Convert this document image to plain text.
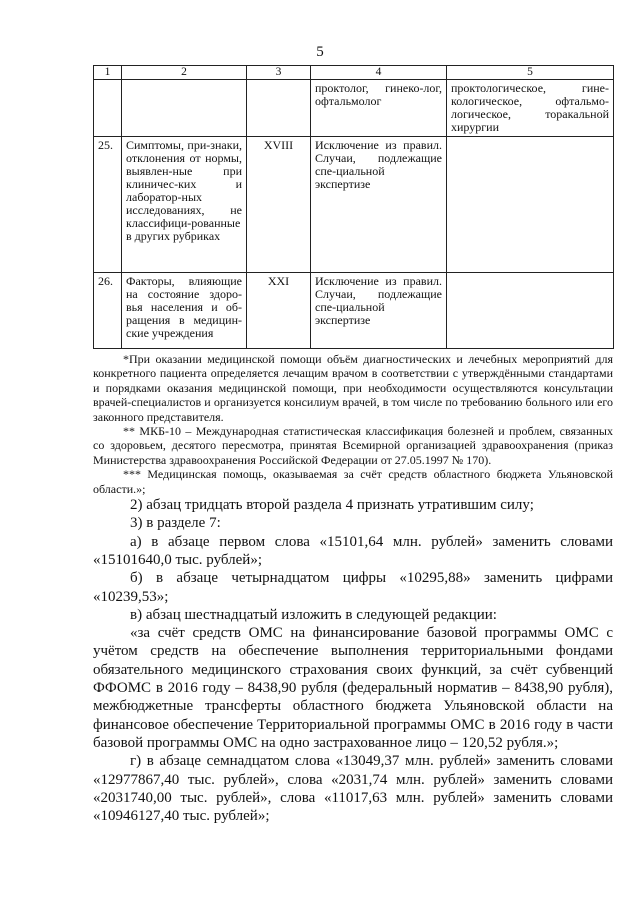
5
1	2	3	4	5
			проктолог, гинеко-лог, офтальмолог	проктологическое, гине-кологическое, офтальмо-логическое, торакальной хирургии
25.	Симптомы, при-знаки, отклонения от нормы, выявлен-ные при клиничес-ких и лаборатор-ных исследованиях, не классифици-рованные в других рубриках	XVIII	Исключение из правил. Случаи, подлежащие спе-циальной экспертизе	
26.	Факторы, влияющие на состояние здоро-вья населения и об-ращения в медицин-ские учреждения	XXI	Исключение из правил. Случаи, подлежащие спе-циальной экспертизе	

*При оказании медицинской помощи объём диагностических и лечебных мероприятий для конкретного пациента определяется лечащим врачом в соответствии с утверждёнными стандартами и порядками оказания медицинской помощи, при необходимости осуществляются консультации врачей-специалистов и организуется консилиум врачей, в том числе по требованию больного или его законного представителя.

** МКБ-10 – Международная статистическая классификация болезней и проблем, связанных со здоровьем, десятого пересмотра, принятая Всемирной организацией здравоохранения (приказ Министерства здравоохранения Российской Федерации от 27.05.1997 № 170).

*** Медицинская помощь, оказываемая за счёт средств областного бюджета Ульяновской области.»;

2) абзац тридцать второй раздела 4 признать утратившим силу;

3) в разделе 7:

а) в абзаце первом слова «15101,64 млн. рублей» заменить словами «15101640,0 тыс. рублей»;

б) в абзаце четырнадцатом цифры «10295,88» заменить цифрами «10239,53»;

в) абзац шестнадцатый изложить в следующей редакции:

«за счёт средств ОМС на финансирование базовой программы ОМС с учётом средств на обеспечение выполнения территориальными фондами обязательного медицинского страхования своих функций, за счёт субвенций ФФОМС в 2016 году – 8438,90 рубля (федеральный норматив – 8438,90 рубля), межбюджетные трансферты областного бюджета Ульяновской области на финансовое обеспечение Территориальной программы ОМС в 2016 году в части базовой программы ОМС на одно застрахованное лицо – 120,52 рубля.»;

г) в абзаце семнадцатом слова «13049,37 млн. рублей» заменить словами «12977867,40 тыс. рублей», слова «2031,74 млн. рублей» заменить словами «2031740,00 тыс. рублей», слова «11017,63 млн. рублей» заменить словами «10946127,40 тыс. рублей»;
